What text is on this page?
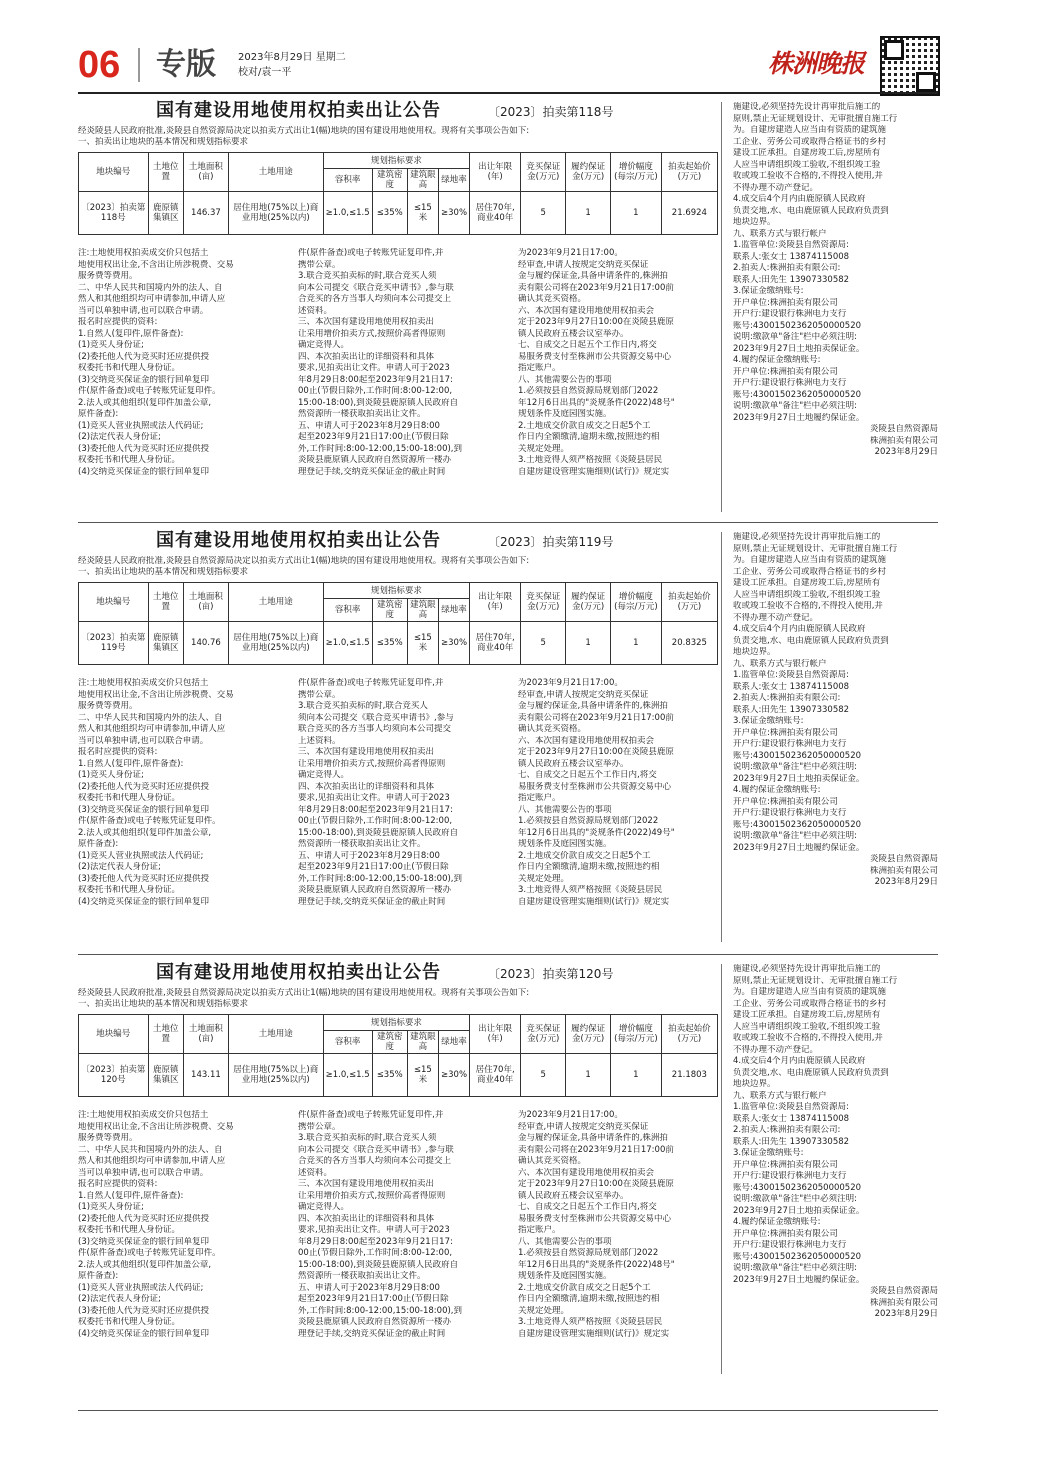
06 专版 2023年8月29日 星期二
校对/袁一平	株洲晚报
国有建设用地使用权拍卖出让公告	〔2023〕拍卖第118号
经炎陵县人民政府批准,炎陵县自然资源局决定以拍卖方式出让1(幅)地块的国有建设用地使用权。现将有关事项公告如下:
一、拍卖出让地块的基本情况和规划指标要求
地块编号	土地位置	土地面积(亩)	土地用途	规划指标要求				出让年限(年)	竞买保证金(万元)	履约保证金(万元)	增价幅度(每宗/万元)	拍卖起始价(万元)
				容积率	建筑密度	建筑限高	绿地率					
〔2023〕拍卖第118号	鹿原镇集镇区	146.37	居住用地(75%以上)商业用地(25%以内)	≥1.0,≤1.5	≤35%	≤15米	≥30%	居住70年,商业40年	5	1	1	21.6924

注:土地使用权拍卖成交价只包括土

地使用权出让金,不含出让所涉税费、交易

服务费等费用。

二、中华人民共和国境内外的法人、自

然人和其他组织均可申请参加,申请人应

当可以单独申请,也可以联合申请。

报名时应提供的资料:

1.自然人(复印件,原件备查):

(1)竞买人身份证;

(2)委托他人代为竞买时还应提供授

权委托书和代理人身份证。

(3)交纳竞买保证金的银行回单复印

件(原件备查)或电子转账凭证复印件。

2.法人或其他组织(复印件加盖公章,

原件备查):

(1)竞买人营业执照或法人代码证;

(2)法定代表人身份证;

(3)委托他人代为竞买时还应提供授

权委托书和代理人身份证。

(4)交纳竞买保证金的银行回单复印

件(原件备查)或电子转账凭证复印件,并

携带公章。

3.联合竞买拍卖标的时,联合竞买人须

向本公司提交《联合竞买申请书》,参与联

合竞买的各方当事人均须向本公司提交上

述资料。

三、本次国有建设用地使用权拍卖出

让采用增价拍卖方式,按照价高者得原则

确定竞得人。

四、本次拍卖出让的详细资料和具体

要求,见拍卖出让文件。申请人可于2023

年8月29日8:00起至2023年9月21日17:

00止(节假日除外,工作时间:8:00-12:00,

15:00-18:00),到炎陵县鹿原镇人民政府自

然资源所一楼获取拍卖出让文件。

五、申请人可于2023年8月29日8:00

起至2023年9月21日17:00止(节假日除

外,工作时间:8:00-12:00,15:00-18:00),到

炎陵县鹿原镇人民政府自然资源所一楼办

理登记手续,交纳竞买保证金的截止时间

为2023年9月21日17:00。

经审查,申请人按规定交纳竞买保证

金与履约保证金,具备申请条件的,株洲拍

卖有限公司将在2023年9月21日17:00前

确认其竞买资格。

六、本次国有建设用地使用权拍卖会

定于2023年9月27日10:00在炎陵县鹿原

镇人民政府五楼会议室举办。

七、自成交之日起五个工作日内,将交

易服务费支付至株洲市公共资源交易中心

指定账户。

八、其他需要公告的事项

1.必须按县自然资源局规划部门2022

年12月6日出具的"炎规条件(2022)48号"

规划条件及庭园图实施。

2.土地成交价款自成交之日起5个工

作日内全额缴清,逾期未缴,按照违约相

关规定处理。

3.土地竞得人须严格按照《炎陵县居民

自建房建设管理实施细则(试行)》规定实

施建设,必须坚持先设计再审批后施工的

原则,禁止无证规划设计、无审批擅自施工行

为。自建房建造人应当由有资质的建筑施

工企业、劳务公司或取得合格证书的乡村

建设工匠承担。自建房竣工后,房屋所有

人应当申请组织竣工验收,不组织竣工验

收或竣工验收不合格的,不得投入使用,并

不得办理不动产登记。

4.成交后4个月内由鹿原镇人民政府

负责交地,水、电由鹿原镇人民政府负责到

地块边界。

九、联系方式与银行帐户

1.监管单位:炎陵县自然资源局:

联系人:张女士 13874115008

2.拍卖人:株洲拍卖有限公司:

联系人:田先生 13907330582

3.保证金缴纳账号:

开户单位:株洲拍卖有限公司

开户行:建设银行株洲电力支行

账号:43001502362050000520

说明:缴款单"备注"栏中必须注明:

2023年9月27日土地拍卖保证金。

4.履约保证金缴纳账号:

开户单位:株洲拍卖有限公司

开户行:建设银行株洲电力支行

账号:43001502362050000520

说明:缴款单"备注"栏中必须注明:

2023年9月27日土地履约保证金。

炎陵县自然资源局

株洲拍卖有限公司

2023年8月29日

国有建设用地使用权拍卖出让公告	〔2023〕拍卖第119号
经炎陵县人民政府批准,炎陵县自然资源局决定以拍卖方式出让1(幅)地块的国有建设用地使用权。现将有关事项公告如下:
一、拍卖出让地块的基本情况和规划指标要求
地块编号	土地位置	土地面积(亩)	土地用途	规划指标要求				出让年限(年)	竞买保证金(万元)	履约保证金(万元)	增价幅度(每宗/万元)	拍卖起始价(万元)
				容积率	建筑密度	建筑限高	绿地率					
〔2023〕拍卖第119号	鹿原镇集镇区	140.76	居住用地(75%以上)商业用地(25%以内)	≥1.0,≤1.5	≤35%	≤15米	≥30%	居住70年,商业40年	5	1	1	20.8325

注:土地使用权拍卖成交价只包括土

地使用权出让金,不含出让所涉税费、交易

服务费等费用。

二、中华人民共和国境内外的法人、自

然人和其他组织均可申请参加,申请人应

当可以单独申请,也可以联合申请。

报名时应提供的资料:

1.自然人(复印件,原件备查):

(1)竞买人身份证;

(2)委托他人代为竞买时还应提供授

权委托书和代理人身份证。

(3)交纳竞买保证金的银行回单复印

件(原件备查)或电子转账凭证复印件。

2.法人或其他组织(复印件加盖公章,

原件备查):

(1)竞买人营业执照或法人代码证;

(2)法定代表人身份证;

(3)委托他人代为竞买时还应提供授

权委托书和代理人身份证。

(4)交纳竞买保证金的银行回单复印

件(原件备查)或电子转账凭证复印件,并

携带公章。

3.联合竞买拍卖标的时,联合竞买人

须向本公司提交《联合竞买申请书》,参与

联合竞买的各方当事人均须向本公司提交

上述资料。

三、本次国有建设用地使用权拍卖出

让采用增价拍卖方式,按照价高者得原则

确定竞得人。

四、本次拍卖出让的详细资料和具体

要求,见拍卖出让文件。申请人可于2023

年8月29日8:00起至2023年9月21日17:

00止(节假日除外,工作时间:8:00-12:00,

15:00-18:00),到炎陵县鹿原镇人民政府自

然资源所一楼获取拍卖出让文件。

五、申请人可于2023年8月29日8:00

起至2023年9月21日17:00止(节假日除

外,工作时间:8:00-12:00,15:00-18:00),到

炎陵县鹿原镇人民政府自然资源所一楼办

理登记手续,交纳竞买保证金的截止时间

为2023年9月21日17:00。

经审查,申请人按规定交纳竞买保证

金与履约保证金,具备申请条件的,株洲拍

卖有限公司将在2023年9月21日17:00前

确认其竞买资格。

六、本次国有建设用地使用权拍卖会

定于2023年9月27日10:00在炎陵县鹿原

镇人民政府五楼会议室举办。

七、自成交之日起五个工作日内,将交

易服务费支付至株洲市公共资源交易中心

指定账户。

八、其他需要公告的事项

1.必须按县自然资源局规划部门2022

年12月6日出具的"炎规条件(2022)49号"

规划条件及庭园图实施。

2.土地成交价款自成交之日起5个工

作日内全额缴清,逾期未缴,按照违约相

关规定处理。

3.土地竞得人须严格按照《炎陵县居民

自建房建设管理实施细则(试行)》规定实

施建设,必须坚持先设计再审批后施工的

原则,禁止无证规划设计、无审批擅自施工行

为。自建房建造人应当由有资质的建筑施

工企业、劳务公司或取得合格证书的乡村

建设工匠承担。自建房竣工后,房屋所有

人应当申请组织竣工验收,不组织竣工验

收或竣工验收不合格的,不得投入使用,并

不得办理不动产登记。

4.成交后4个月内由鹿原镇人民政府

负责交地,水、电由鹿原镇人民政府负责到

地块边界。

九、联系方式与银行帐户

1.监管单位:炎陵县自然资源局:

联系人:张女士 13874115008

2.拍卖人:株洲拍卖有限公司:

联系人:田先生 13907330582

3.保证金缴纳账号:

开户单位:株洲拍卖有限公司

开户行:建设银行株洲电力支行

账号:43001502362050000520

说明:缴款单"备注"栏中必须注明:

2023年9月27日土地拍卖保证金。

4.履约保证金缴纳账号:

开户单位:株洲拍卖有限公司

开户行:建设银行株洲电力支行

账号:43001502362050000520

说明:缴款单"备注"栏中必须注明:

2023年9月27日土地履约保证金。

炎陵县自然资源局

株洲拍卖有限公司

2023年8月29日

国有建设用地使用权拍卖出让公告	〔2023〕拍卖第120号
经炎陵县人民政府批准,炎陵县自然资源局决定以拍卖方式出让1(幅)地块的国有建设用地使用权。现将有关事项公告如下:
一、拍卖出让地块的基本情况和规划指标要求
地块编号	土地位置	土地面积(亩)	土地用途	规划指标要求				出让年限(年)	竞买保证金(万元)	履约保证金(万元)	增价幅度(每宗/万元)	拍卖起始价(万元)
				容积率	建筑密度	建筑限高	绿地率					
〔2023〕拍卖第120号	鹿原镇集镇区	143.11	居住用地(75%以上)商业用地(25%以内)	≥1.0,≤1.5	≤35%	≤15米	≥30%	居住70年,商业40年	5	1	1	21.1803

注:土地使用权拍卖成交价只包括土

地使用权出让金,不含出让所涉税费、交易

服务费等费用。

二、中华人民共和国境内外的法人、自

然人和其他组织均可申请参加,申请人应

当可以单独申请,也可以联合申请。

报名时应提供的资料:

1.自然人(复印件,原件备查):

(1)竞买人身份证;

(2)委托他人代为竞买时还应提供授

权委托书和代理人身份证。

(3)交纳竞买保证金的银行回单复印

件(原件备查)或电子转账凭证复印件。

2.法人或其他组织(复印件加盖公章,

原件备查):

(1)竞买人营业执照或法人代码证;

(2)法定代表人身份证;

(3)委托他人代为竞买时还应提供授

权委托书和代理人身份证。

(4)交纳竞买保证金的银行回单复印

件(原件备查)或电子转账凭证复印件,并

携带公章。

3.联合竞买拍卖标的时,联合竞买人须

向本公司提交《联合竞买申请书》,参与联

合竞买的各方当事人均须向本公司提交上

述资料。

三、本次国有建设用地使用权拍卖出

让采用增价拍卖方式,按照价高者得原则

确定竞得人。

四、本次拍卖出让的详细资料和具体

要求,见拍卖出让文件。申请人可于2023

年8月29日8:00起至2023年9月21日17:

00止(节假日除外,工作时间:8:00-12:00,

15:00-18:00),到炎陵县鹿原镇人民政府自

然资源所一楼获取拍卖出让文件。

五、申请人可于2023年8月29日8:00

起至2023年9月21日17:00止(节假日除

外,工作时间:8:00-12:00,15:00-18:00),到

炎陵县鹿原镇人民政府自然资源所一楼办

理登记手续,交纳竞买保证金的截止时间

为2023年9月21日17:00。

经审查,申请人按规定交纳竞买保证

金与履约保证金,具备申请条件的,株洲拍

卖有限公司将在2023年9月21日17:00前

确认其竞买资格。

六、本次国有建设用地使用权拍卖会

定于2023年9月27日10:00在炎陵县鹿原

镇人民政府五楼会议室举办。

七、自成交之日起五个工作日内,将交

易服务费支付至株洲市公共资源交易中心

指定账户。

八、其他需要公告的事项

1.必须按县自然资源局规划部门2022

年12月6日出具的"炎规条件(2022)48号"

规划条件及庭园图实施。

2.土地成交价款自成交之日起5个工

作日内全额缴清,逾期未缴,按照违约相

关规定处理。

3.土地竞得人须严格按照《炎陵县居民

自建房建设管理实施细则(试行)》规定实

施建设,必须坚持先设计再审批后施工的

原则,禁止无证规划设计、无审批擅自施工行

为。自建房建造人应当由有资质的建筑施

工企业、劳务公司或取得合格证书的乡村

建设工匠承担。自建房竣工后,房屋所有

人应当申请组织竣工验收,不组织竣工验

收或竣工验收不合格的,不得投入使用,并

不得办理不动产登记。

4.成交后4个月内由鹿原镇人民政府

负责交地,水、电由鹿原镇人民政府负责到

地块边界。

九、联系方式与银行帐户

1.监管单位:炎陵县自然资源局:

联系人:张女士 13874115008

2.拍卖人:株洲拍卖有限公司:

联系人:田先生 13907330582

3.保证金缴纳账号:

开户单位:株洲拍卖有限公司

开户行:建设银行株洲电力支行

账号:43001502362050000520

说明:缴款单"备注"栏中必须注明:

2023年9月27日土地拍卖保证金。

4.履约保证金缴纳账号:

开户单位:株洲拍卖有限公司

开户行:建设银行株洲电力支行

账号:43001502362050000520

说明:缴款单"备注"栏中必须注明:

2023年9月27日土地履约保证金。

炎陵县自然资源局

株洲拍卖有限公司

2023年8月29日
